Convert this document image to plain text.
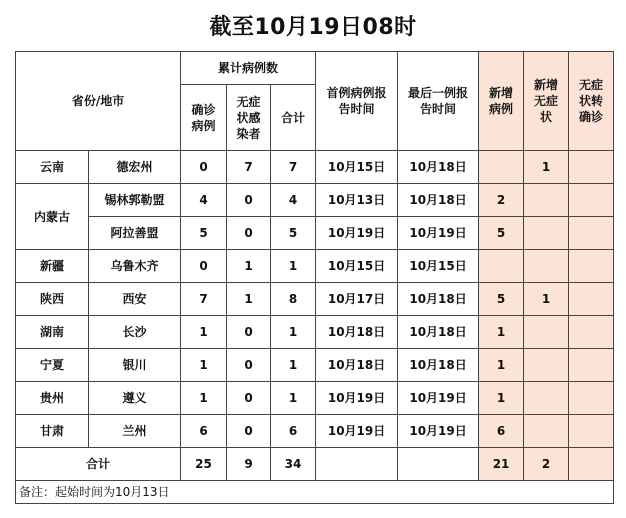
截至10月19日08时
省份/地市		累计病例数			首例病例报告时间	最后一例报告时间	新增病例	新增无症状	无症状转确诊

		确诊病例	无症状感染者	合计					
云南	德宏州	0	7	7	10月15日	10月18日		1	
内蒙古	锡林郭勒盟	4	0	4	10月13日	10月18日	2		
	阿拉善盟	5	0	5	10月19日	10月19日	5		
新疆	乌鲁木齐	0	1	1	10月15日	10月15日			
陕西	西安	7	1	8	10月17日	10月18日	5	1	
湖南	长沙	1	0	1	10月18日	10月18日	1		
宁夏	银川	1	0	1	10月18日	10月18日	1		
贵州	遵义	1	0	1	10月19日	10月19日	1		
甘肃	兰州	6	0	6	10月19日	10月19日	6		
合计		25	9	34			21	2	
备注：起始时间为10月13日									
